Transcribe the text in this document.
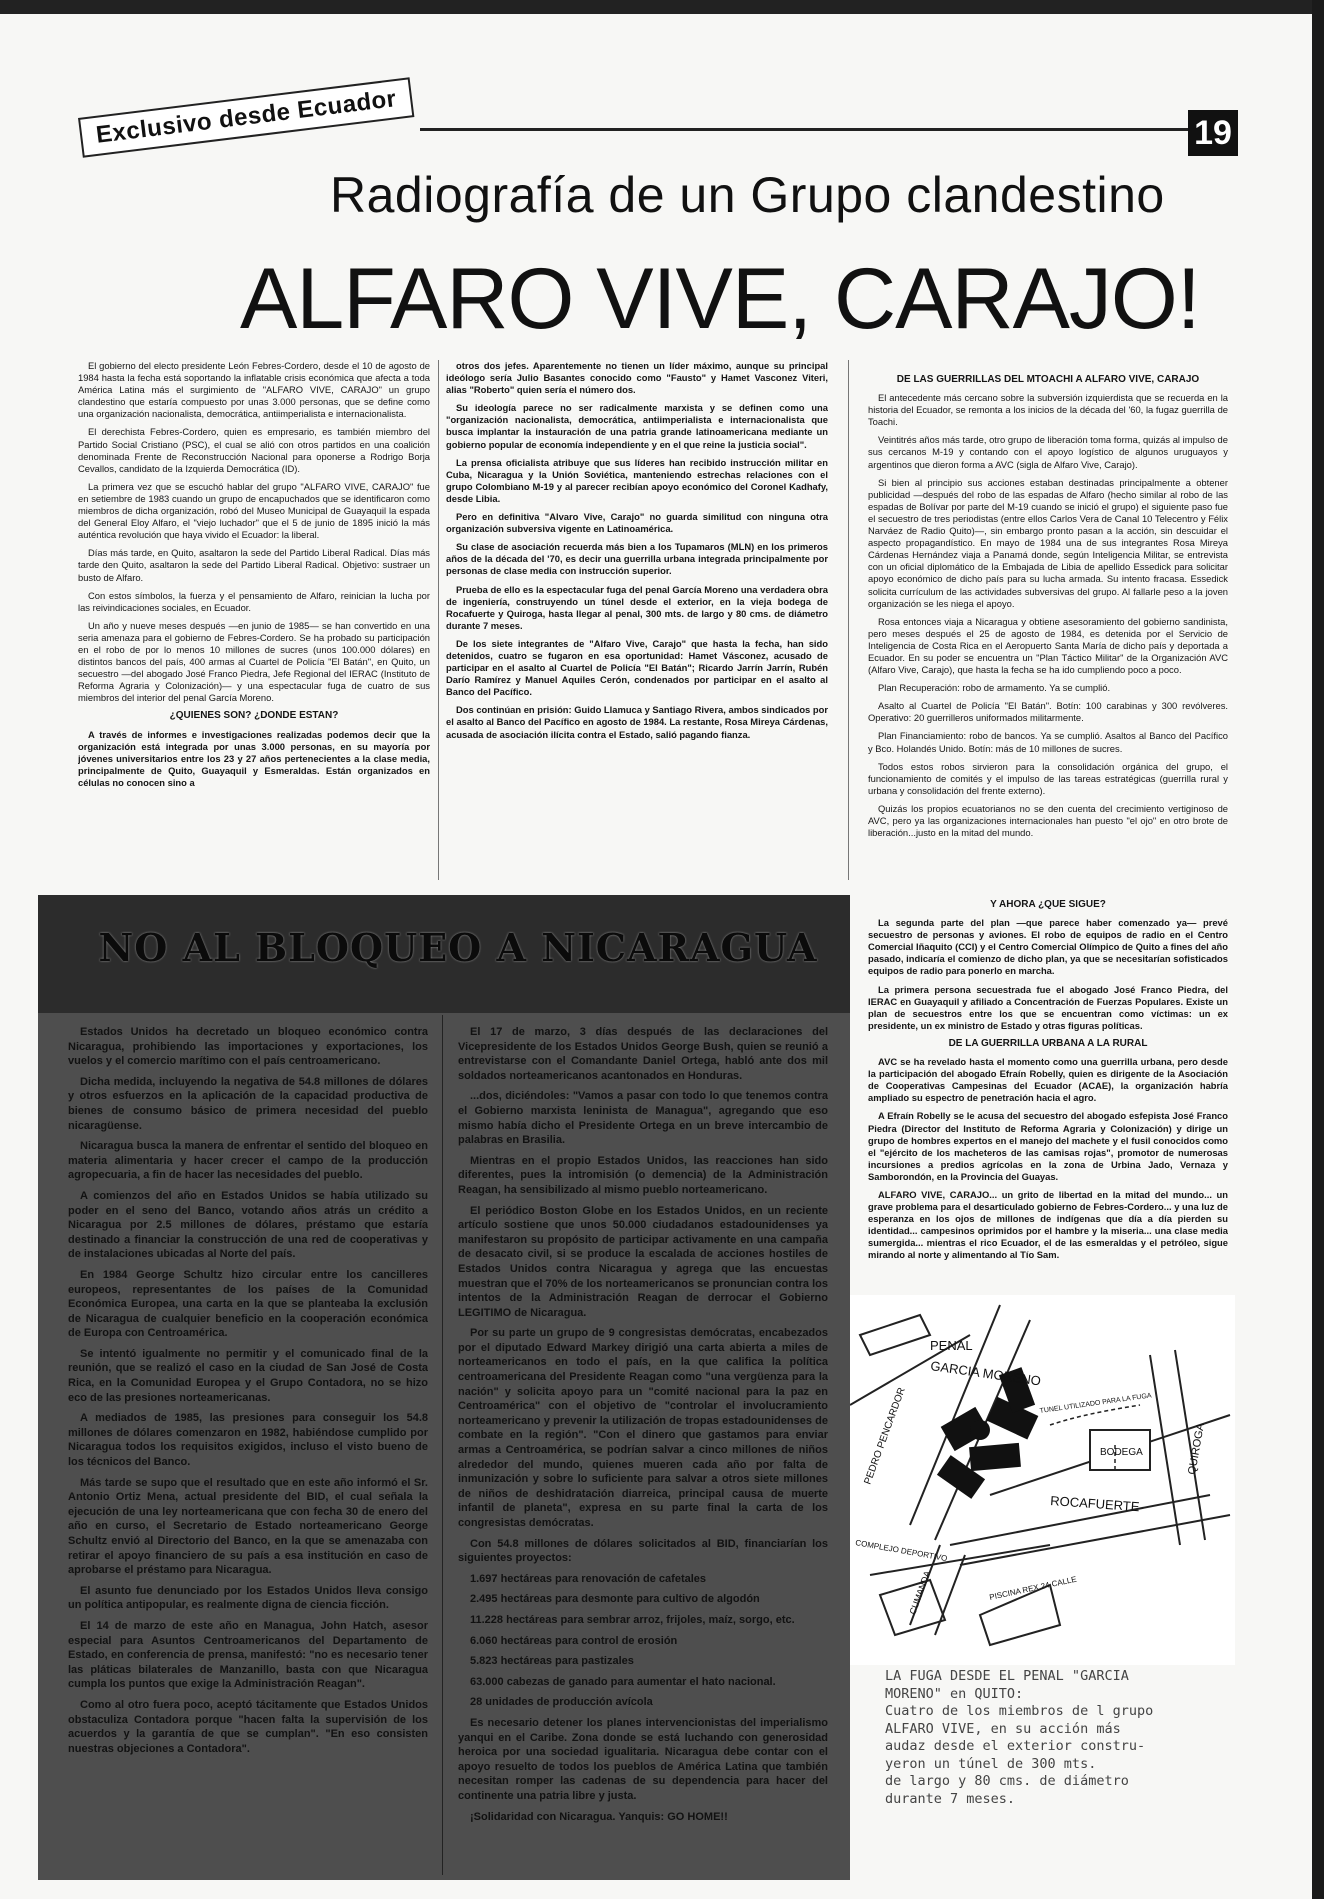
Exclusivo desde Ecuador	19
Radiografía de un Grupo clandestino
ALFARO VIVE, CARAJO!

El gobierno del electo presidente León Febres-Cordero, desde el 10 de agosto de 1984 hasta la fecha está soportando la inflatable crisis económica que afecta a toda América Latina más el surgimiento de "ALFARO VIVE, CARAJO" un grupo clandestino que estaría compuesto por unas 3.000 personas, que se define como una organización nacionalista, democrática, antiimperialista e internacionalista.

El derechista Febres-Cordero, quien es empresario, es también miembro del Partido Social Cristiano (PSC), el cual se alió con otros partidos en una coalición denominada Frente de Reconstrucción Nacional para oponerse a Rodrigo Borja Cevallos, candidato de la Izquierda Democrática (ID).

La primera vez que se escuchó hablar del grupo "ALFARO VIVE, CARAJO" fue en setiembre de 1983 cuando un grupo de encapuchados que se identificaron como miembros de dicha organización, robó del Museo Municipal de Guayaquil la espada del General Eloy Alfaro, el "viejo luchador" que el 5 de junio de 1895 inició la más auténtica revolución que haya vivido el Ecuador: la liberal.

Días más tarde, en Quito, asaltaron la sede del Partido Liberal Radical. Días más tarde den Quito, asaltaron la sede del Partido Liberal Radical. Objetivo: sustraer un busto de Alfaro.

Con estos símbolos, la fuerza y el pensamiento de Alfaro, reinician la lucha por las reivindicaciones sociales, en Ecuador.

Un año y nueve meses después —en junio de 1985— se han convertido en una seria amenaza para el gobierno de Febres-Cordero. Se ha probado su participación en el robo de por lo menos 10 millones de sucres (unos 100.000 dólares) en distintos bancos del país, 400 armas al Cuartel de Policía "El Batán", en Quito, un secuestro —del abogado José Franco Piedra, Jefe Regional del IERAC (Instituto de Reforma Agraria y Colonización)— y una espectacular fuga de cuatro de sus miembros del interior del penal García Moreno.

¿QUIENES SON? ¿DONDE ESTAN?

A través de informes e investigaciones realizadas podemos decir que la organización está integrada por unas 3.000 personas, en su mayoría por jóvenes universitarios entre los 23 y 27 años pertenecientes a la clase media, principalmente de Quito, Guayaquil y Esmeraldas. Están organizados en células no conocen sino a

otros dos jefes. Aparentemente no tienen un líder máximo, aunque su principal ideólogo sería Julio Basantes conocido como "Fausto" y Hamet Vasconez Viteri, alias "Roberto" quien sería el número dos.

Su ideología parece no ser radicalmente marxista y se definen como una "organización nacionalista, democrática, antiimperialista e internacionalista que busca implantar la instauración de una patria grande latinoamericana mediante un gobierno popular de economía independiente y en el que reine la justicia social".

La prensa oficialista atribuye que sus líderes han recibido instrucción militar en Cuba, Nicaragua y la Unión Soviética, manteniendo estrechas relaciones con el grupo Colombiano M-19 y al parecer recibían apoyo económico del Coronel Kadhafy, desde Libia.

Pero en definitiva "Alvaro Vive, Carajo" no guarda similitud con ninguna otra organización subversiva vigente en Latinoamérica.

Su clase de asociación recuerda más bien a los Tupamaros (MLN) en los primeros años de la década del '70, es decir una guerrilla urbana integrada principalmente por personas de clase media con instrucción superior.

Prueba de ello es la espectacular fuga del penal García Moreno una verdadera obra de ingeniería, construyendo un túnel desde el exterior, en la vieja bodega de Rocafuerte y Quiroga, hasta llegar al penal, 300 mts. de largo y 80 cms. de diámetro durante 7 meses.

De los siete integrantes de "Alfaro Vive, Carajo" que hasta la fecha, han sido detenidos, cuatro se fugaron en esa oportunidad: Hamet Vásconez, acusado de participar en el asalto al Cuartel de Policía "El Batán"; Ricardo Jarrín Jarrín, Rubén Darío Ramírez y Manuel Aquiles Cerón, condenados por participar en el asalto al Banco del Pacífico.

Dos continúan en prisión: Guido Llamuca y Santiago Rivera, ambos sindicados por el asalto al Banco del Pacífico en agosto de 1984. La restante, Rosa Mireya Cárdenas, acusada de asociación ilícita contra el Estado, salió pagando fianza.

DE LAS GUERRILLAS DEL MTOACHI A ALFARO VIVE, CARAJO

El antecedente más cercano sobre la subversión izquierdista que se recuerda en la historia del Ecuador, se remonta a los inicios de la década del '60, la fugaz guerrilla de Toachi.

Veintitrés años más tarde, otro grupo de liberación toma forma, quizás al impulso de sus cercanos M-19 y contando con el apoyo logístico de algunos uruguayos y argentinos que dieron forma a AVC (sigla de Alfaro Vive, Carajo).

Si bien al principio sus acciones estaban destinadas principalmente a obtener publicidad —después del robo de las espadas de Alfaro (hecho similar al robo de las espadas de Bolívar por parte del M-19 cuando se inició el grupo) el siguiente paso fue el secuestro de tres periodistas (entre ellos Carlos Vera de Canal 10 Telecentro y Félix Narváez de Radio Quito)—, sin embargo pronto pasan a la acción, sin descuidar el aspecto propagandístico. En mayo de 1984 una de sus integrantes Rosa Mireya Cárdenas Hernández viaja a Panamá donde, según Inteligencia Militar, se entrevista con un oficial diplomático de la Embajada de Libia de apellido Essedick para solicitar apoyo económico de dicho país para su lucha armada. Su intento fracasa. Essedick solicita currículum de las actividades subversivas del grupo. Al fallarle peso a la joven organización se les niega el apoyo.

Rosa entonces viaja a Nicaragua y obtiene asesoramiento del gobierno sandinista, pero meses después el 25 de agosto de 1984, es detenida por el Servicio de Inteligencia de Costa Rica en el Aeropuerto Santa María de dicho país y deportada a Ecuador. En su poder se encuentra un "Plan Táctico Militar" de la Organización AVC (Alfaro Vive, Carajo), que hasta la fecha se ha ido cumpliendo poco a poco.

Plan Recuperación: robo de armamento. Ya se cumplió.

Asalto al Cuartel de Policía "El Batán". Botín: 100 carabinas y 300 revólveres. Operativo: 20 guerrilleros uniformados militarmente.

Plan Financiamiento: robo de bancos. Ya se cumplió. Asaltos al Banco del Pacífico y Bco. Holandés Unido. Botín: más de 10 millones de sucres.

Todos estos robos sirvieron para la consolidación orgánica del grupo, el funcionamiento de comités y el impulso de las tareas estratégicas (guerrilla rural y urbana y consolidación del frente externo).

Quizás los propios ecuatorianos no se den cuenta del crecimiento vertiginoso de AVC, pero ya las organizaciones internacionales han puesto "el ojo" en otro brote de liberación...justo en la mitad del mundo.

Y AHORA ¿QUE SIGUE?

La segunda parte del plan —que parece haber comenzado ya— prevé secuestro de personas y aviones. El robo de equipos de radio en el Centro Comercial Iñaquito (CCI) y el Centro Comercial Olímpico de Quito a fines del año pasado, indicaría el comienzo de dicho plan, ya que se necesitarían sofisticados equipos de radio para ponerlo en marcha.

La primera persona secuestrada fue el abogado José Franco Piedra, del IERAC en Guayaquil y afiliado a Concentración de Fuerzas Populares. Existe un plan de secuestros entre los que se encuentran como víctimas: un ex presidente, un ex ministro de Estado y otras figuras políticas.

DE LA GUERRILLA URBANA A LA RURAL

AVC se ha revelado hasta el momento como una guerrilla urbana, pero desde la participación del abogado Efraín Robelly, quien es dirigente de la Asociación de Cooperativas Campesinas del Ecuador (ACAE), la organización habría ampliado su espectro de penetración hacia el agro.

A Efraín Robelly se le acusa del secuestro del abogado esfepista José Franco Piedra (Director del Instituto de Reforma Agraria y Colonización) y dirige un grupo de hombres expertos en el manejo del machete y el fusil conocidos como el "ejército de los macheteros de las camisas rojas", promotor de numerosas incursiones a predios agrícolas en la zona de Urbina Jado, Vernaza y Samborondón, en la Provincia del Guayas.

ALFARO VIVE, CARAJO... un grito de libertad en la mitad del mundo... un grave problema para el desarticulado gobierno de Febres-Cordero... y una luz de esperanza en los ojos de millones de indígenas que día a día pierden su identidad... campesinos oprimidos por el hambre y la miseria... una clase media sumergida... mientras el rico Ecuador, el de las esmeraldas y el petróleo, sigue mirando al norte y alimentando al Tío Sam.

NO AL BLOQUEO A NICARAGUA

Estados Unidos ha decretado un bloqueo económico contra Nicaragua, prohibiendo las importaciones y exportaciones, los vuelos y el comercio marítimo con el país centroamericano.

Dicha medida, incluyendo la negativa de 54.8 millones de dólares y otros esfuerzos en la aplicación de la capacidad productiva de bienes de consumo básico de primera necesidad del pueblo nicaragüense.

Nicaragua busca la manera de enfrentar el sentido del bloqueo en materia alimentaria y hacer crecer el campo de la producción agropecuaria, a fin de hacer las necesidades del pueblo.

A comienzos del año en Estados Unidos se había utilizado su poder en el seno del Banco, votando años atrás un crédito a Nicaragua por 2.5 millones de dólares, préstamo que estaría destinado a financiar la construcción de una red de cooperativas y de instalaciones ubicadas al Norte del país.

En 1984 George Schultz hizo circular entre los cancilleres europeos, representantes de los países de la Comunidad Económica Europea, una carta en la que se planteaba la exclusión de Nicaragua de cualquier beneficio en la cooperación económica de Europa con Centroamérica.

Se intentó igualmente no permitir y el comunicado final de la reunión, que se realizó el caso en la ciudad de San José de Costa Rica, en la Comunidad Europea y el Grupo Contadora, no se hizo eco de las presiones norteamericanas.

A mediados de 1985, las presiones para conseguir los 54.8 millones de dólares comenzaron en 1982, habiéndose cumplido por Nicaragua todos los requisitos exigidos, incluso el visto bueno de los técnicos del Banco.

Más tarde se supo que el resultado que en este año informó el Sr. Antonio Ortiz Mena, actual presidente del BID, el cual señala la ejecución de una ley norteamericana que con fecha 30 de enero del año en curso, el Secretario de Estado norteamericano George Schultz envió al Directorio del Banco, en la que se amenazaba con retirar el apoyo financiero de su país a esa institución en caso de aprobarse el préstamo para Nicaragua.

El asunto fue denunciado por los Estados Unidos lleva consigo un política antipopular, es realmente digna de ciencia ficción.

El 14 de marzo de este año en Managua, John Hatch, asesor especial para Asuntos Centroamericanos del Departamento de Estado, en conferencia de prensa, manifestó: "no es necesario tener las pláticas bilaterales de Manzanillo, basta con que Nicaragua cumpla los puntos que exige la Administración Reagan".

Como al otro fuera poco, aceptó tácitamente que Estados Unidos obstaculiza Contadora porque "hacen falta la supervisión de los acuerdos y la garantía de que se cumplan". "En eso consisten nuestras objeciones a Contadora".

El 17 de marzo, 3 días después de las declaraciones del Vicepresidente de los Estados Unidos George Bush, quien se reunió a entrevistarse con el Comandante Daniel Ortega, habló ante dos mil soldados norteamericanos acantonados en Honduras.

...dos, diciéndoles: "Vamos a pasar con todo lo que tenemos contra el Gobierno marxista leninista de Managua", agregando que eso mismo había dicho el Presidente Ortega en un breve intercambio de palabras en Brasilia.

Mientras en el propio Estados Unidos, las reacciones han sido diferentes, pues la intromisión (o demencia) de la Administración Reagan, ha sensibilizado al mismo pueblo norteamericano.

El periódico Boston Globe en los Estados Unidos, en un reciente artículo sostiene que unos 50.000 ciudadanos estadounidenses ya manifestaron su propósito de participar activamente en una campaña de desacato civil, si se produce la escalada de acciones hostiles de Estados Unidos contra Nicaragua y agrega que las encuestas muestran que el 70% de los norteamericanos se pronuncian contra los intentos de la Administración Reagan de derrocar el Gobierno LEGITIMO de Nicaragua.

Por su parte un grupo de 9 congresistas demócratas, encabezados por el diputado Edward Markey dirigió una carta abierta a miles de norteamericanos en todo el país, en la que califica la política centroamericana del Presidente Reagan como "una vergüenza para la nación" y solicita apoyo para un "comité nacional para la paz en Centroamérica" con el objetivo de "controlar el involucramiento norteamericano y prevenir la utilización de tropas estadounidenses de combate en la región". "Con el dinero que gastamos para enviar armas a Centroamérica, se podrían salvar a cinco millones de niños alrededor del mundo, quienes mueren cada año por falta de inmunización y sobre lo suficiente para salvar a otros siete millones de niños de deshidratación diarreica, principal causa de muerte infantil de planeta", expresa en su parte final la carta de los congresistas demócratas.

Con 54.8 millones de dólares solicitados al BID, financiarían los siguientes proyectos:

1.697 hectáreas para renovación de cafetales

2.495 hectáreas para desmonte para cultivo de algodón

11.228 hectáreas para sembrar arroz, frijoles, maíz, sorgo, etc.

6.060 hectáreas para control de erosión

5.823 hectáreas para pastizales

63.000 cabezas de ganado para aumentar el hato nacional.

28 unidades de producción avícola

Es necesario detener los planes intervencionistas del imperialismo yanqui en el Caribe. Zona donde se está luchando con generosidad heroica por una sociedad igualitaria. Nicaragua debe contar con el apoyo resuelto de todos los pueblos de América Latina que también necesitan romper las cadenas de su dependencia para hacer del continente una patria libre y justa.

¡Solidaridad con Nicaragua. Yanquis: GO HOME!!

PENAL
GARCIA MORENO
PEDRO PENCARDOR	TUNEL UTILIZADO PARA LA FUGA
BODEGA	QUIROGA
ROCAFUERTE
COMPLEJO DEPORTIVO
CUMANDA	PISCINA REX 24 CALLE
LA FUGA DESDE EL PENAL "GARCIA
MORENO" en QUITO:
Cuatro de los miembros de l grupo
ALFARO VIVE, en su acción más
audaz desde el exterior constru-
yeron un túnel de 300 mts.
de largo y 80 cms. de diámetro
durante 7 meses.
